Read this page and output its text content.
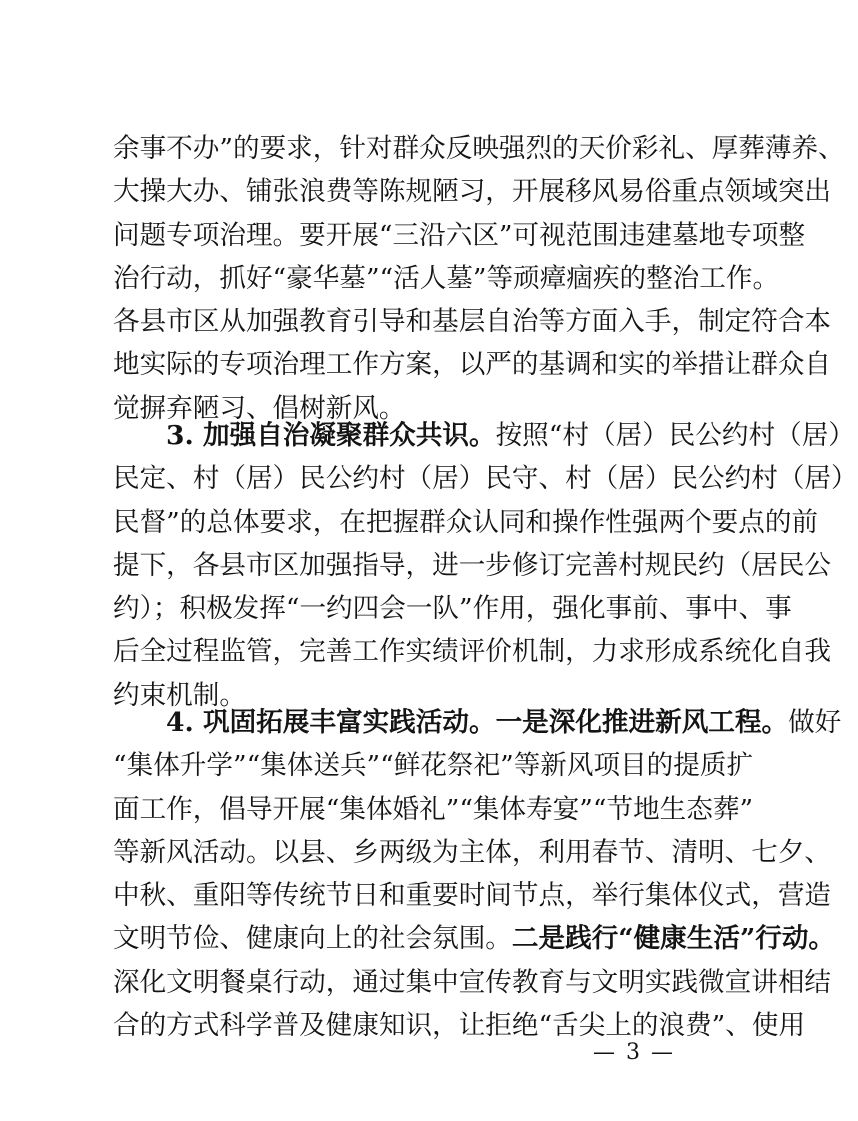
余事不办”的要求，针对群众反映强烈的天价彩礼、厚葬薄养、
大操大办、铺张浪费等陈规陋习，开展移风易俗重点领域突出
问题专项治理。要开展“三沿六区”可视范围违建墓地专项整
治行动，抓好“豪华墓”“活人墓”等顽瘴痼疾的整治工作。
各县市区从加强教育引导和基层自治等方面入手，制定符合本
地实际的专项治理工作方案，以严的基调和实的举措让群众自
觉摒弃陋习、倡树新风。
3. 加强自治凝聚群众共识。按照“村（居）民公约村（居）
民定、村（居）民公约村（居）民守、村（居）民公约村（居）
民督”的总体要求，在把握群众认同和操作性强两个要点的前
提下，各县市区加强指导，进一步修订完善村规民约（居民公
约）；积极发挥“一约四会一队”作用，强化事前、事中、事
后全过程监管，完善工作实绩评价机制，力求形成系统化自我
约束机制。
4. 巩固拓展丰富实践活动。一是深化推进新风工程。做好
“集体升学”“集体送兵”“鲜花祭祀”等新风项目的提质扩
面工作，倡导开展“集体婚礼”“集体寿宴”“节地生态葬”
等新风活动。以县、乡两级为主体，利用春节、清明、七夕、
中秋、重阳等传统节日和重要时间节点，举行集体仪式，营造
文明节俭、健康向上的社会氛围。二是践行“健康生活”行动。
深化文明餐桌行动，通过集中宣传教育与文明实践微宣讲相结
合的方式科学普及健康知识，让拒绝“舌尖上的浪费”、使用
— 3 —
